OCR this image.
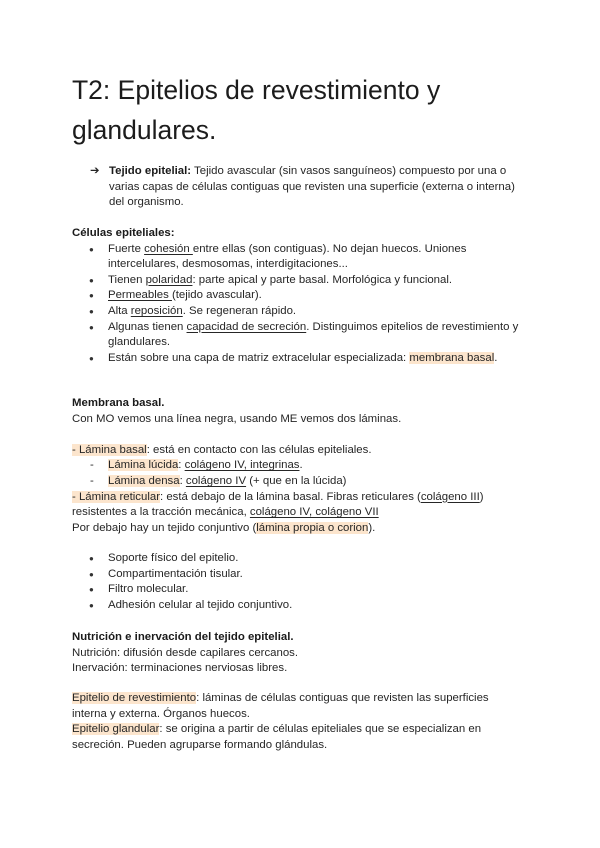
T2: Epitelios de revestimiento y glandulares.
➔ Tejido epitelial: Tejido avascular (sin vasos sanguíneos) compuesto por una o varias capas de células contiguas que revisten una superficie (externa o interna) del organismo.

Células epiteliales:

● Fuerte cohesión entre ellas (son contiguas). No dejan huecos. Uniones intercelulares, desmosomas, interdigitaciones...
● Tienen polaridad: parte apical y parte basal. Morfológica y funcional.
● Permeables (tejido avascular).
● Alta reposición. Se regeneran rápido.
● Algunas tienen capacidad de secreción. Distinguimos epitelios de revestimiento y glandulares.
● Están sobre una capa de matriz extracelular especializada: membrana basal.

Membrana basal.

Con MO vemos una línea negra, usando ME vemos dos láminas.

- Lámina basal: está en contacto con las células epiteliales.

- Lámina lúcida: colágeno IV, integrinas.
- Lámina densa: colágeno IV (+ que en la lúcida)

- Lámina reticular: está debajo de la lámina basal. Fibras reticulares (colágeno III) resistentes a la tracción mecánica, colágeno IV, colágeno VII

Por debajo hay un tejido conjuntivo (lámina propia o corion).

● Soporte físico del epitelio.
● Compartimentación tisular.
● Filtro molecular.
● Adhesión celular al tejido conjuntivo.

Nutrición e inervación del tejido epitelial.

Nutrición: difusión desde capilares cercanos.

Inervación: terminaciones nerviosas libres.

Epitelio de revestimiento: láminas de células contiguas que revisten las superficies interna y externa. Órganos huecos.

Epitelio glandular: se origina a partir de células epiteliales que se especializan en secreción. Pueden agruparse formando glándulas.
